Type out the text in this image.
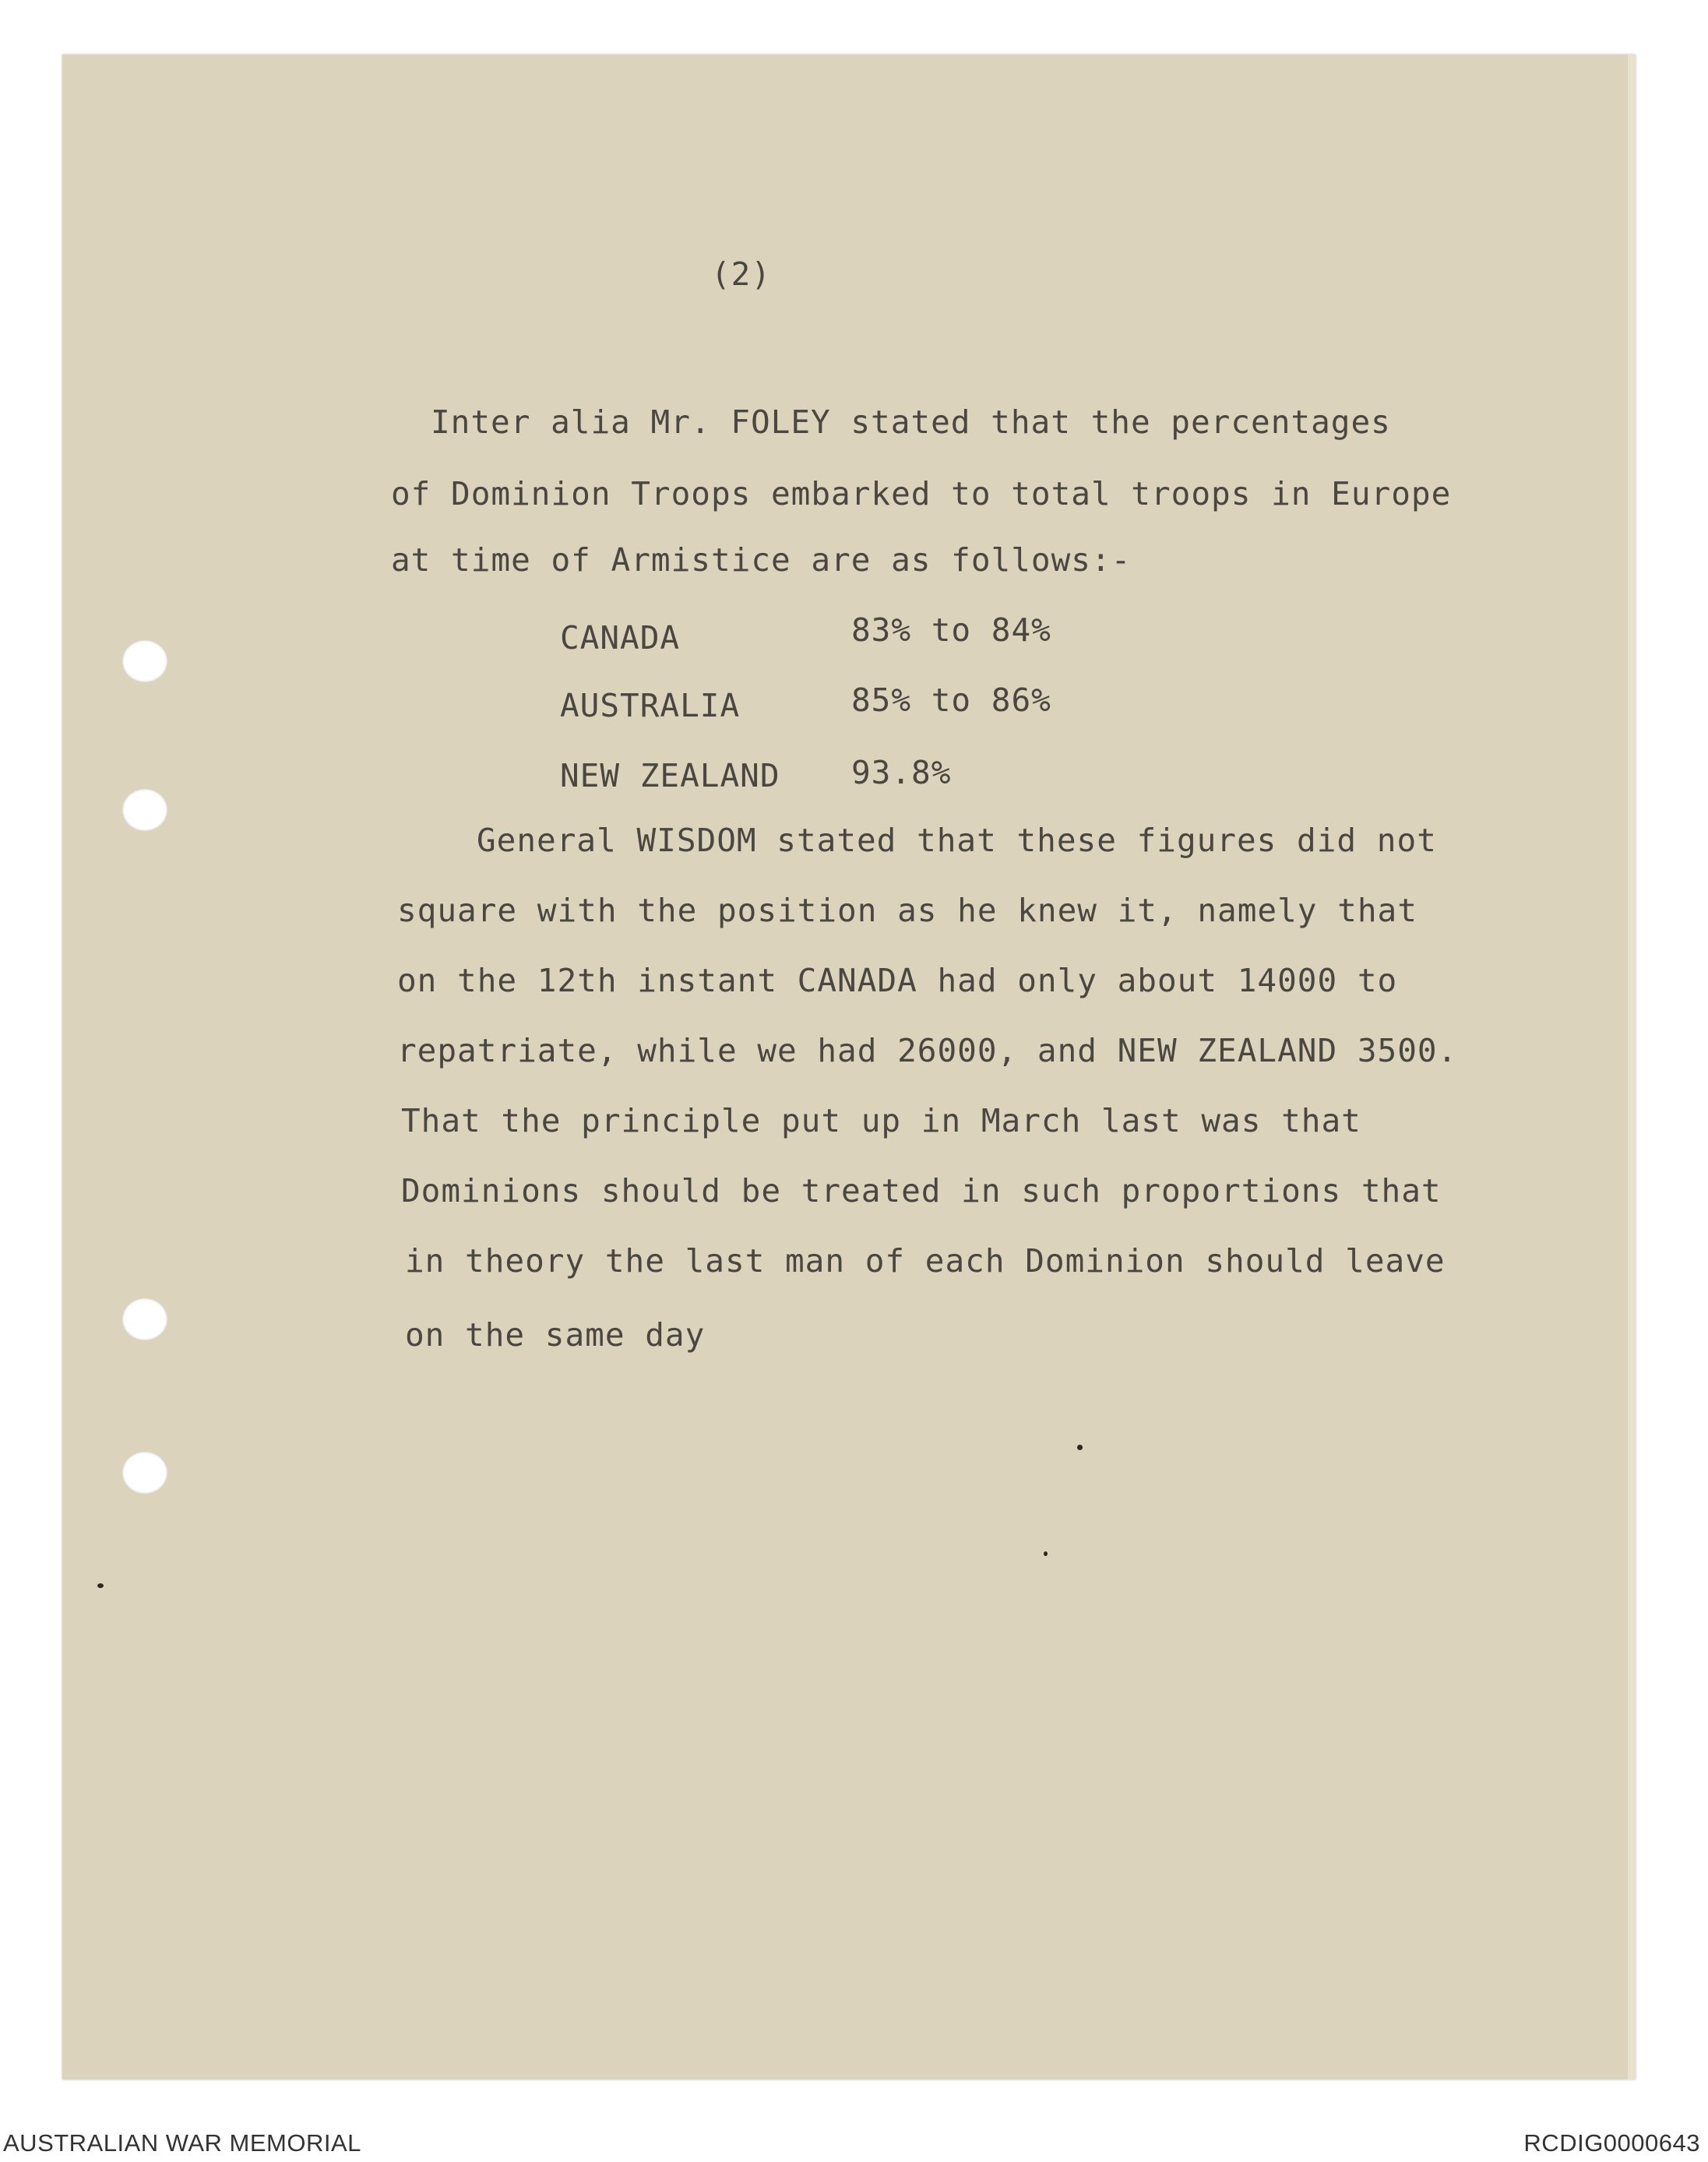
(2)
Inter alia Mr. FOLEY stated that the percentages
of Dominion Troops embarked to total troops in Europe
at time of Armistice are as follows:-
CANADA	83% to 84%
AUSTRALIA	85% to 86%
NEW ZEALAND 93.8%
General WISDOM stated that these figures did not
square with the position as he knew it, namely that
on the 12th instant CANADA had only about 14000 to
repatriate, while we had 26000, and NEW ZEALAND 3500.
That the principle put up in March last was that
Dominions should be treated in such proportions that
in theory the last man of each Dominion should leave
on the same day
AUSTRALIAN WAR MEMORIAL	RCDIG0000643
